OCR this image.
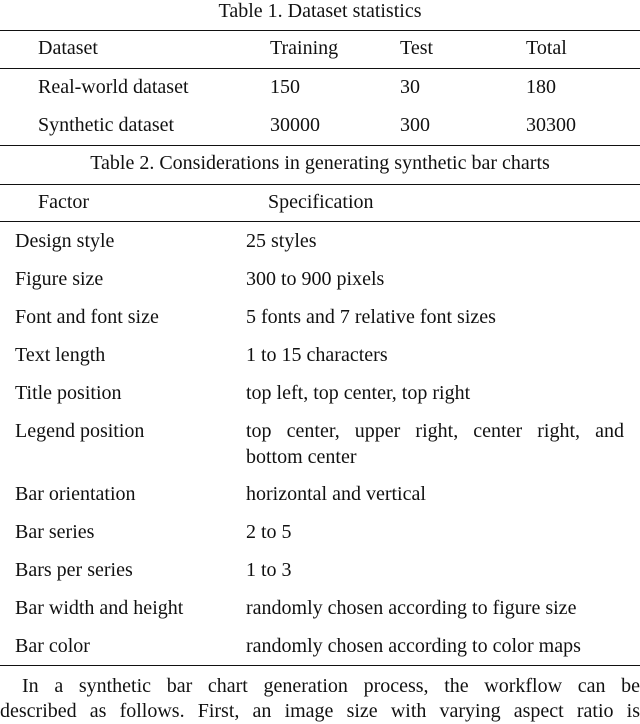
Table 1. Dataset statistics
Dataset	Training	Test	Total
Real-world dataset	150	30	180
Synthetic dataset	30000	300	30300
Table 2. Considerations in generating synthetic bar charts
Factor	Specification
Design style	25 styles
Figure size	300 to 900 pixels
Font and font size	5 fonts and 7 relative font sizes
Text length	1 to 15 characters
Title position	top left, top center, top right
Legend position	top center, upper right, center right, and
bottom center
Bar orientation	horizontal and vertical
Bar series	2 to 5
Bars per series	1 to 3
Bar width and height	randomly chosen according to figure size
Bar color	randomly chosen according to color maps

In a synthetic bar chart generation process, the workflow can be

described as follows. First, an image size with varying aspect ratio is
